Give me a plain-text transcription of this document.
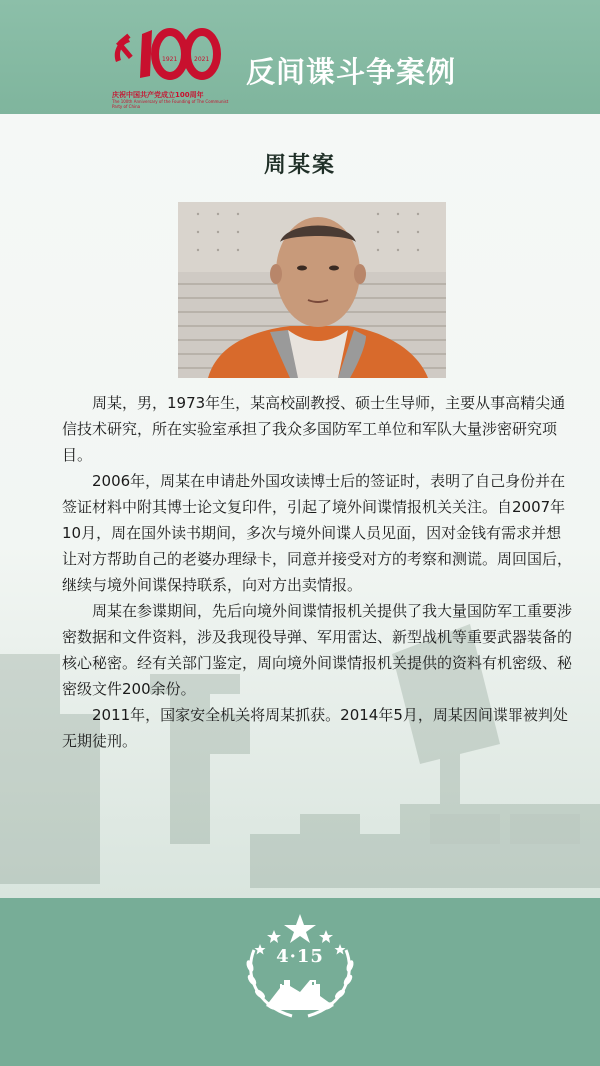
1921	2021
庆祝中国共产党成立100周年
The 100th Anniversary of the Founding of The Communist Party of China
反间谍斗争案例
周某案

周某，男，1973年生，某高校副教授、硕士生导师，主要从事高精尖通信技术研究，所在实验室承担了我众多国防军工单位和军队大量涉密研究项目。

2006年，周某在申请赴外国攻读博士后的签证时，表明了自己身份并在签证材料中附其博士论文复印件，引起了境外间谍情报机关关注。自2007年10月，周在国外读书期间，多次与境外间谍人员见面，因对金钱有需求并想让对方帮助自己的老婆办理绿卡，同意并接受对方的考察和测谎。周回国后，继续与境外间谍保持联系，向对方出卖情报。

周某在参谍期间，先后向境外间谍情报机关提供了我大量国防军工重要涉密数据和文件资料，涉及我现役导弹、军用雷达、新型战机等重要武器装备的核心秘密。经有关部门鉴定，周向境外间谍情报机关提供的资料有机密级、秘密级文件200余份。

2011年，国家安全机关将周某抓获。2014年5月，周某因间谍罪被判处无期徒刑。

4·15
